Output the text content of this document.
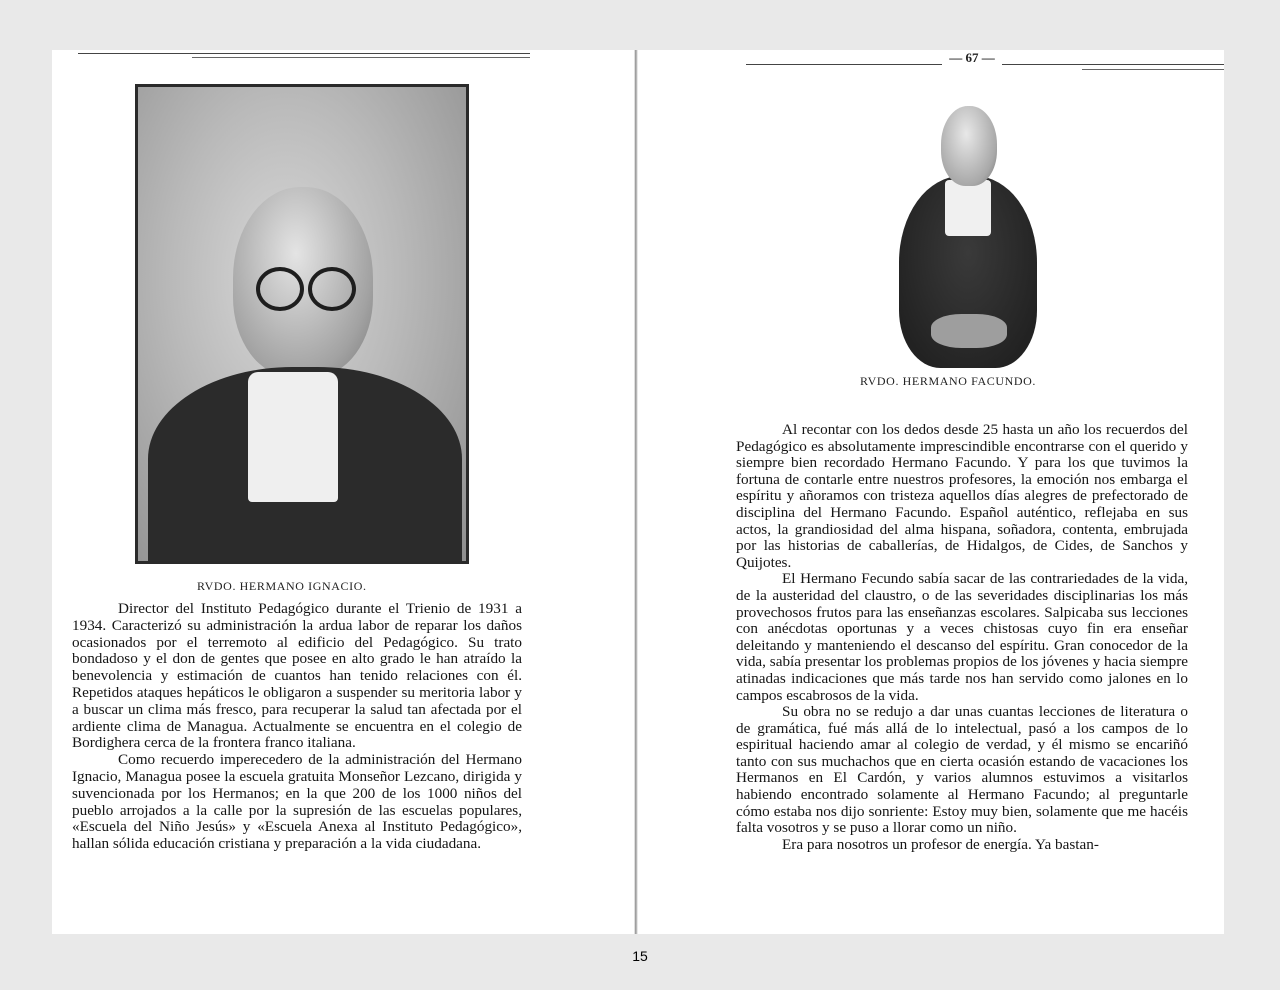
RVDO. HERMANO IGNACIO.

Director del Instituto Pedagógico durante el Trienio de 1931 a 1934. Caracterizó su administración la ardua labor de reparar los daños ocasionados por el terremoto al edificio del Pedagógico. Su trato bondadoso y el don de gentes que posee en alto grado le han atraído la benevolencia y estimación de cuantos han tenido relaciones con él. Repetidos ataques hepáticos le obligaron a suspender su meritoria labor y a buscar un clima más fresco, para recuperar la salud tan afectada por el ardiente clima de Managua. Actualmente se encuentra en el colegio de Bordighera cerca de la frontera franco italiana.

Como recuerdo imperecedero de la administración del Hermano Ignacio, Managua posee la escuela gratuita Monseñor Lezcano, dirigida y suvencionada por los Hermanos; en la que 200 de los 1000 niños del pueblo arrojados a la calle por la supresión de las escuelas populares, «Escuela del Niño Jesús» y «Escuela Anexa al Instituto Pedagógico», hallan sólida educación cristiana y preparación a la vida ciudadana.

— 67 —
RVDO. HERMANO FACUNDO.

Al recontar con los dedos desde 25 hasta un año los recuerdos del Pedagógico es absolutamente imprescindible encontrarse con el querido y siempre bien recordado Hermano Facundo. Y para los que tuvimos la fortuna de contarle entre nuestros profesores, la emoción nos embarga el espíritu y añoramos con tristeza aquellos días alegres de prefectorado de disciplina del Hermano Facundo. Español auténtico, reflejaba en sus actos, la grandiosidad del alma hispana, soñadora, contenta, embrujada por las historias de caballerías, de Hidalgos, de Cides, de Sanchos y Quijotes.

El Hermano Fecundo sabía sacar de las contrariedades de la vida, de la austeridad del claustro, o de las severidades disciplinarias los más provechosos frutos para las enseñanzas escolares. Salpicaba sus lecciones con anécdotas oportunas y a veces chistosas cuyo fin era enseñar deleitando y manteniendo el descanso del espíritu. Gran conocedor de la vida, sabía presentar los problemas propios de los jóvenes y hacia siempre atinadas indicaciones que más tarde nos han servido como jalones en lo campos escabrosos de la vida.

Su obra no se redujo a dar unas cuantas lecciones de literatura o de gramática, fué más allá de lo intelectual, pasó a los campos de lo espiritual haciendo amar al colegio de verdad, y él mismo se encariñó tanto con sus muchachos que en cierta ocasión estando de vacaciones los Hermanos en El Cardón, y varios alumnos estuvimos a visitarlos habiendo encontrado solamente al Hermano Facundo; al preguntarle cómo estaba nos dijo sonriente: Estoy muy bien, solamente que me hacéis falta vosotros y se puso a llorar como un niño.

Era para nosotros un profesor de energía. Ya bastan-

15
